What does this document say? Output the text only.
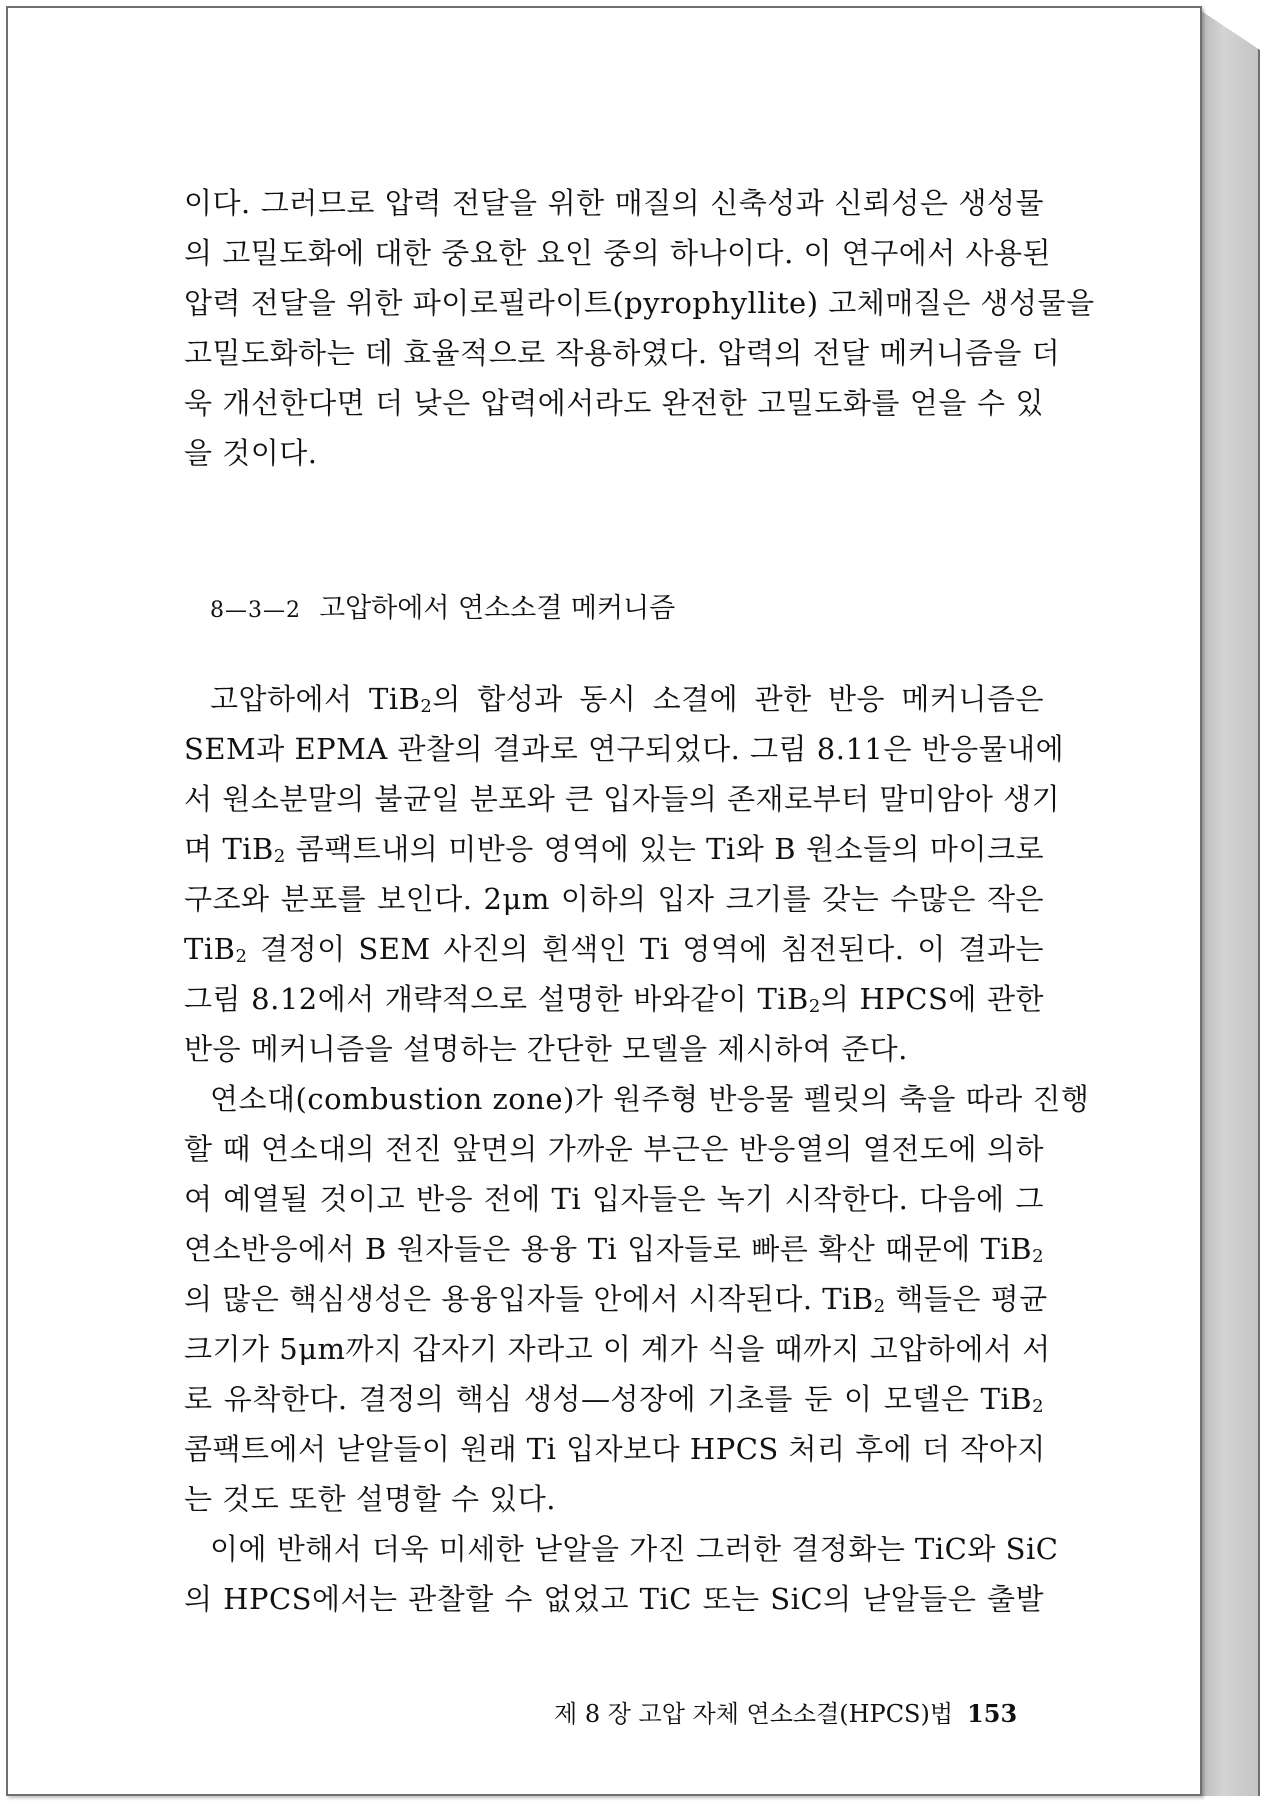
이다. 그러므로 압력 전달을 위한 매질의 신축성과 신뢰성은 생성물
의 고밀도화에 대한 중요한 요인 중의 하나이다. 이 연구에서 사용된
압력 전달을 위한 파이로필라이트(pyrophyllite) 고체매질은 생성물을
고밀도화하는 데 효율적으로 작용하였다. 압력의 전달 메커니즘을 더
욱 개선한다면 더 낮은 압력에서라도 완전한 고밀도화를 얻을 수 있
을 것이다.
8—3—2 고압하에서 연소소결 메커니즘
고압하에서 TiB$_2$의 합성과 동시 소결에 관한 반응 메커니즘은
SEM과 EPMA 관찰의 결과로 연구되었다. 그림 8.11은 반응물내에
서 원소분말의 불균일 분포와 큰 입자들의 존재로부터 말미암아 생기
며 TiB$_2$ 콤팩트내의 미반응 영역에 있는 Ti와 B 원소들의 마이크로
구조와 분포를 보인다. 2μm 이하의 입자 크기를 갖는 수많은 작은
TiB$_2$ 결정이 SEM 사진의 흰색인 Ti 영역에 침전된다. 이 결과는
그림 8.12에서 개략적으로 설명한 바와같이 TiB$_2$의 HPCS에 관한
반응 메커니즘을 설명하는 간단한 모델을 제시하여 준다.
연소대(combustion zone)가 원주형 반응물 펠릿의 축을 따라 진행
할 때 연소대의 전진 앞면의 가까운 부근은 반응열의 열전도에 의하
여 예열될 것이고 반응 전에 Ti 입자들은 녹기 시작한다. 다음에 그
연소반응에서 B 원자들은 용융 Ti 입자들로 빠른 확산 때문에 TiB$_2$
의 많은 핵심생성은 용융입자들 안에서 시작된다. TiB$_2$ 핵들은 평균
크기가 5μm까지 갑자기 자라고 이 계가 식을 때까지 고압하에서 서
로 유착한다. 결정의 핵심 생성—성장에 기초를 둔 이 모델은 TiB$_2$
콤팩트에서 낟알들이 원래 Ti 입자보다 HPCS 처리 후에 더 작아지
는 것도 또한 설명할 수 있다.
이에 반해서 더욱 미세한 낟알을 가진 그러한 결정화는 TiC와 SiC
의 HPCS에서는 관찰할 수 없었고 TiC 또는 SiC의 낟알들은 출발
제 8 장 고압 자체 연소소결(HPCS)법 153
